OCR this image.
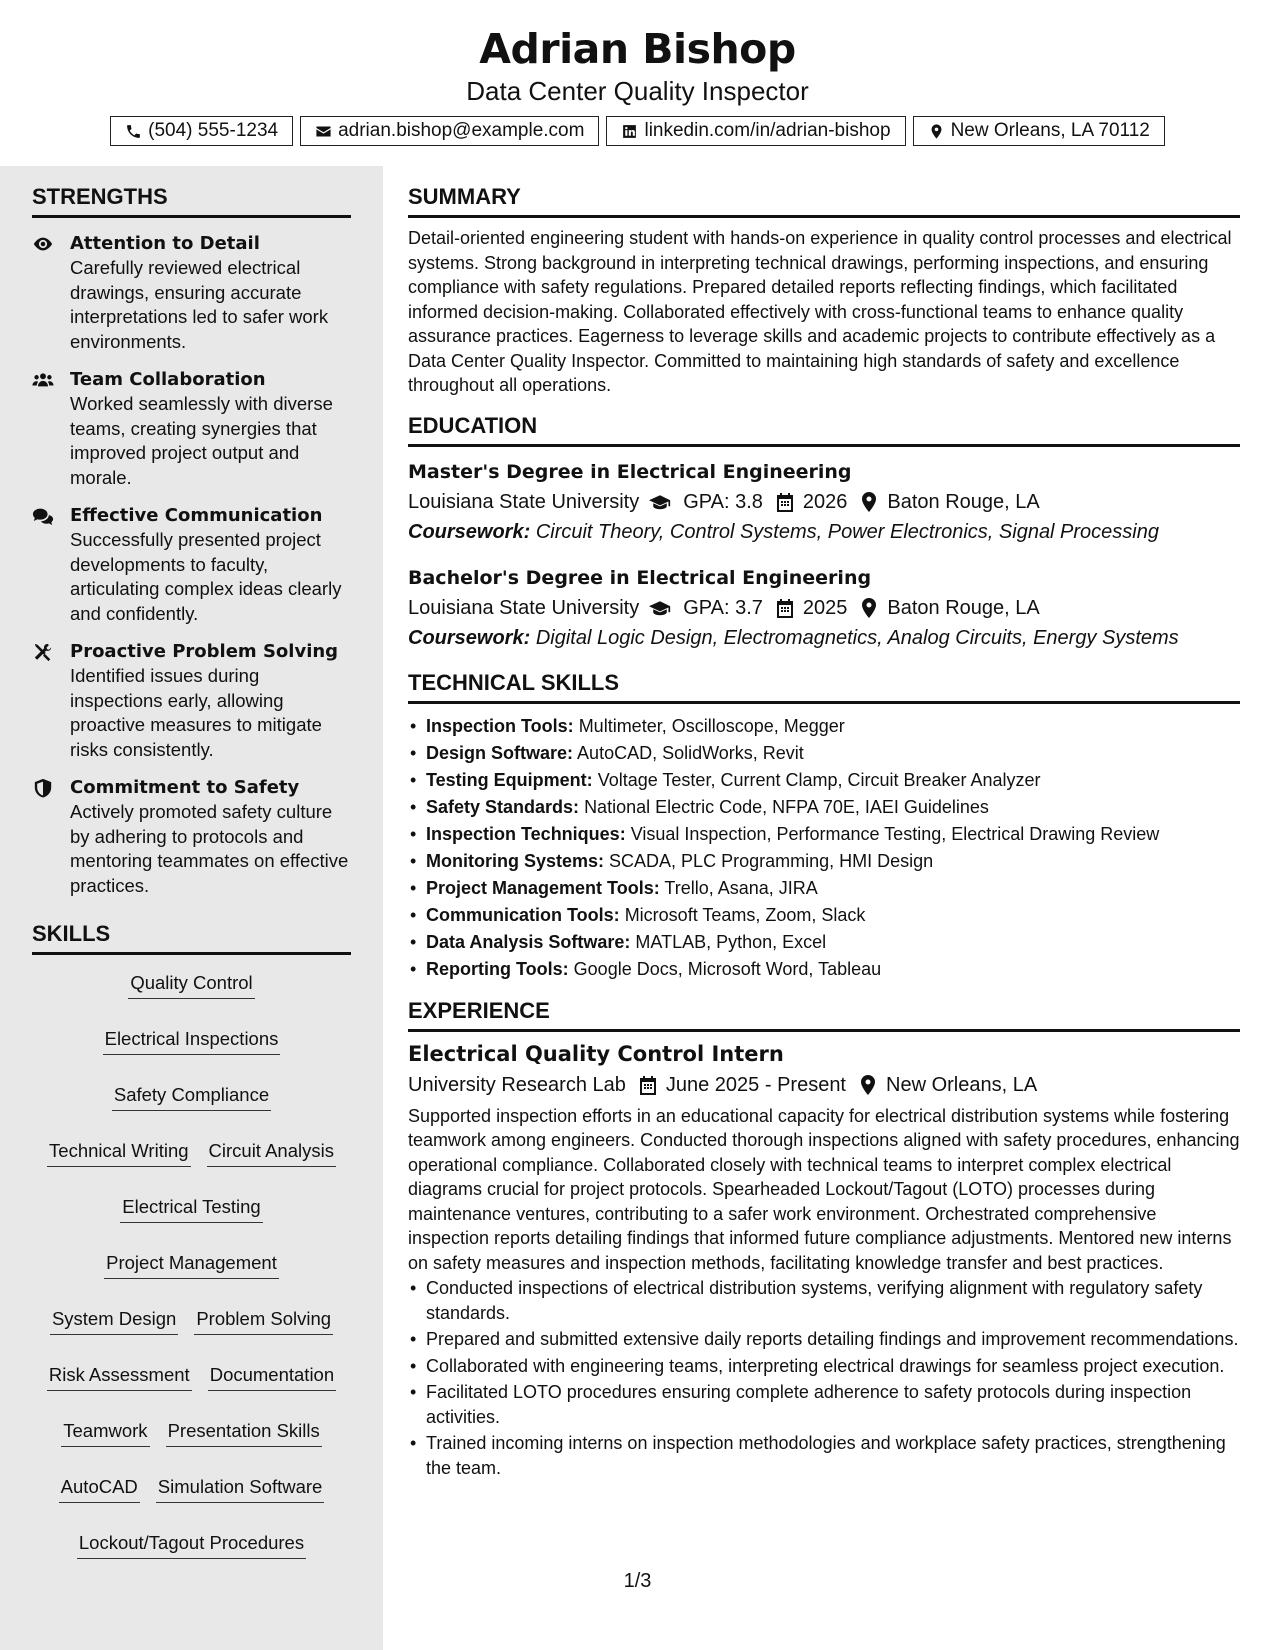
Adrian Bishop
Data Center Quality Inspector
(504) 555-1234	adrian.bishop@example.com	linkedin.com/in/adrian-bishop	New Orleans, LA 70112
STRENGTHS
Attention to Detail
Carefully reviewed electrical drawings, ensuring accurate interpretations led to safer work environments.
Team Collaboration
Worked seamlessly with diverse teams, creating synergies that improved project output and morale.
Effective Communication
Successfully presented project developments to faculty, articulating complex ideas clearly and confidently.
Proactive Problem Solving
Identified issues during inspections early, allowing proactive measures to mitigate risks consistently.
Commitment to Safety
Actively promoted safety culture by adhering to protocols and mentoring teammates on effective practices.
SKILLS
Quality Control
Electrical Inspections
Safety Compliance
Technical Writing Circuit Analysis
Electrical Testing
Project Management
System Design Problem Solving
Risk Assessment Documentation
Teamwork Presentation Skills
AutoCAD Simulation Software
Lockout/Tagout Procedures
SUMMARY
Detail-oriented engineering student with hands-on experience in quality control processes and electrical systems. Strong background in interpreting technical drawings, performing inspections, and ensuring compliance with safety regulations. Prepared detailed reports reflecting findings, which facilitated informed decision-making. Collaborated effectively with cross-functional teams to enhance quality assurance practices. Eagerness to leverage skills and academic projects to contribute effectively as a Data Center Quality Inspector. Committed to maintaining high standards of safety and excellence throughout all operations.
EDUCATION
Master's Degree in Electrical Engineering
Louisiana State University GPA: 3.8 2026 Baton Rouge, LA
Coursework: Circuit Theory, Control Systems, Power Electronics, Signal Processing
Bachelor's Degree in Electrical Engineering
Louisiana State University GPA: 3.7 2025 Baton Rouge, LA
Coursework: Digital Logic Design, Electromagnetics, Analog Circuits, Energy Systems
TECHNICAL SKILLS
• Inspection Tools: Multimeter, Oscilloscope, Megger
• Design Software: AutoCAD, SolidWorks, Revit
• Testing Equipment: Voltage Tester, Current Clamp, Circuit Breaker Analyzer
• Safety Standards: National Electric Code, NFPA 70E, IAEI Guidelines
• Inspection Techniques: Visual Inspection, Performance Testing, Electrical Drawing Review
• Monitoring Systems: SCADA, PLC Programming, HMI Design
• Project Management Tools: Trello, Asana, JIRA
• Communication Tools: Microsoft Teams, Zoom, Slack
• Data Analysis Software: MATLAB, Python, Excel
• Reporting Tools: Google Docs, Microsoft Word, Tableau
EXPERIENCE
Electrical Quality Control Intern
University Research Lab June 2025 - Present New Orleans, LA
Supported inspection efforts in an educational capacity for electrical distribution systems while fostering teamwork among engineers. Conducted thorough inspections aligned with safety procedures, enhancing operational compliance. Collaborated closely with technical teams to interpret complex electrical diagrams crucial for project protocols. Spearheaded Lockout/Tagout (LOTO) processes during maintenance ventures, contributing to a safer work environment. Orchestrated comprehensive inspection reports detailing findings that informed future compliance adjustments. Mentored new interns on safety measures and inspection methods, facilitating knowledge transfer and best practices.
• Conducted inspections of electrical distribution systems, verifying alignment with regulatory safety standards.
• Prepared and submitted extensive daily reports detailing findings and improvement recommendations.
• Collaborated with engineering teams, interpreting electrical drawings for seamless project execution.
• Facilitated LOTO procedures ensuring complete adherence to safety protocols during inspection activities.
• Trained incoming interns on inspection methodologies and workplace safety practices, strengthening the team.
1/3
